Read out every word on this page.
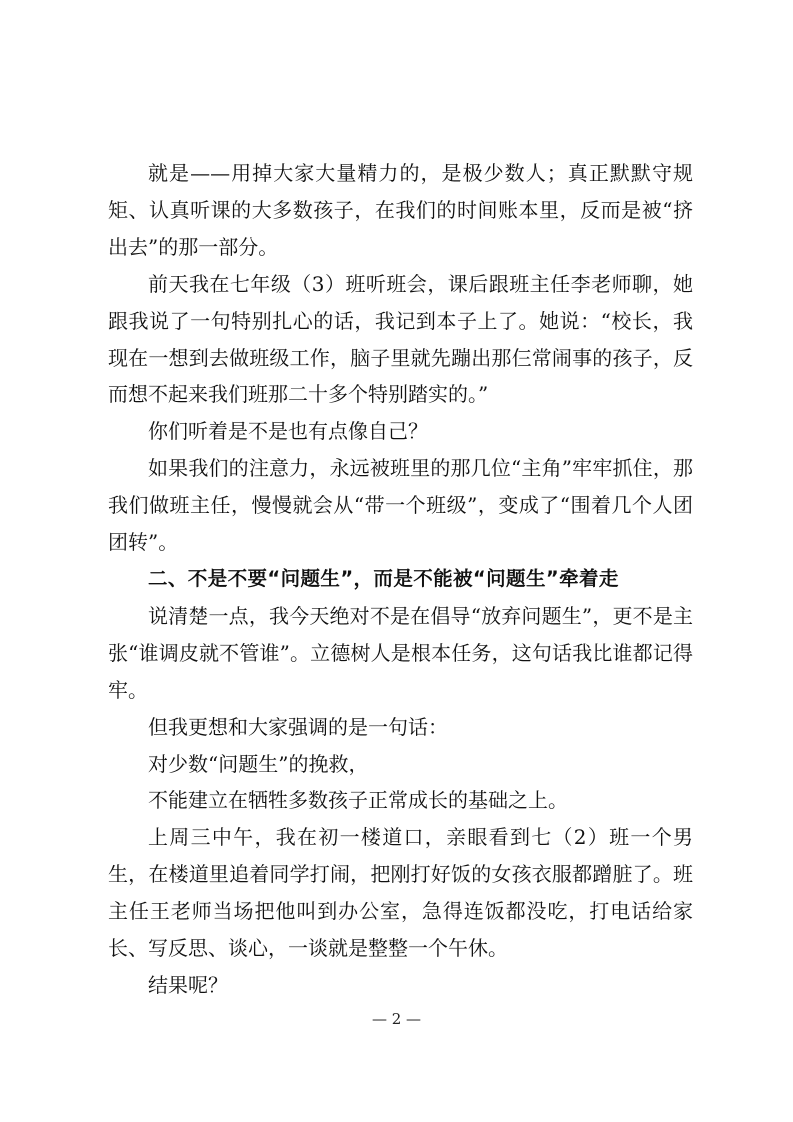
就是——用掉大家大量精力的，是极少数人；真正默默守规矩、认真听课的大多数孩子，在我们的时间账本里，反而是被“挤出去”的那一部分。

前天我在七年级（3）班听班会，课后跟班主任李老师聊，她跟我说了一句特别扎心的话，我记到本子上了。她说：“校长，我现在一想到去做班级工作，脑子里就先蹦出那仨常闹事的孩子，反而想不起来我们班那二十多个特别踏实的。”

你们听着是不是也有点像自己？

如果我们的注意力，永远被班里的那几位“主角”牢牢抓住，那我们做班主任，慢慢就会从“带一个班级”，变成了“围着几个人团团转”。

二、不是不要“问题生”，而是不能被“问题生”牵着走

说清楚一点，我今天绝对不是在倡导“放弃问题生”，更不是主张“谁调皮就不管谁”。立德树人是根本任务，这句话我比谁都记得牢。

但我更想和大家强调的是一句话：

对少数“问题生”的挽救，

不能建立在牺牲多数孩子正常成长的基础之上。

上周三中午，我在初一楼道口，亲眼看到七（2）班一个男生，在楼道里追着同学打闹，把刚打好饭的女孩衣服都蹭脏了。班主任王老师当场把他叫到办公室，急得连饭都没吃，打电话给家长、写反思、谈心，一谈就是整整一个午休。

结果呢？

— 2 —
